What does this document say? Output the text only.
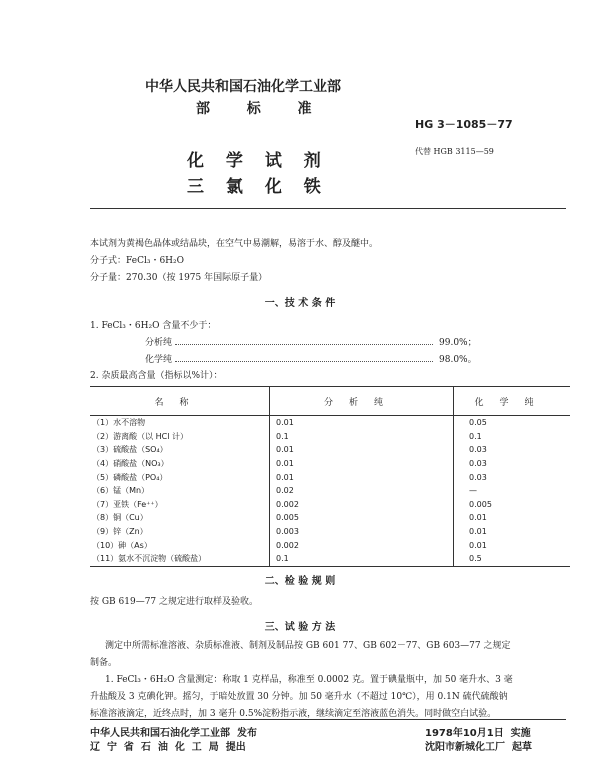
中华人民共和国石油化学工业部
部  标  准
HG 3－1085－77
化 学 试 剂	代替 HGB 3115—59
三 氯 化 铁
本试剂为黄褐色晶体或结晶块，在空气中易潮解，易溶于水、醇及醚中。
分子式：FeCl₃・6H₂O
分子量：270.30（按 1975 年国际原子量）
一、技 术 条 件
1. FeCl₃・6H₂O 含量不少于：
分析纯	99.0%；
化学纯	98.0%。
2. 杂质最高含量（指标以%计）：
名称	分析纯	化学纯
（1）水不溶物	0.01	0.05
（2）游离酸（以 HCl 计）	0.1	0.1
（3）硫酸盐（SO₄）	0.01	0.03
（4）硝酸盐（NO₃）	0.01	0.03
（5）磷酸盐（PO₄）	0.01	0.03
（6）锰（Mn）	0.02	—
（7）亚铁（Fe⁺⁺）	0.002	0.005
（8）铜（Cu）	0.005	0.01
（9）锌（Zn）	0.003	0.01
（10）砷（As）	0.002	0.01
（11）氨水不沉淀物（硫酸盐）	0.1	0.5
二、检 验 规 则
按 GB 619—77 之规定进行取样及验收。
三、试 验 方 法
测定中所需标准溶液、杂质标准液、制剂及制品按 GB 601 77、GB 602－77、GB 603—77 之规定
制备。
1. FeCl₃・6H₂O 含量测定：称取 1 克样品，称准至 0.0002 克。置于碘量瓶中，加 50 毫升水、3 毫
升盐酸及 3 克碘化钾。摇匀，于暗处放置 30 分钟。加 50 毫升水（不超过 10℃），用 0.1N 硫代硫酸钠
标准溶液滴定，近终点时，加 3 毫升 0.5%淀粉指示液，继续滴定至溶液蓝色消失。同时做空白试验。
中华人民共和国石油化学工业部  发布
辽  宁  省  石  油  化  工  局  提出
1978年10月1日  实施
沈阳市新城化工厂  起草
